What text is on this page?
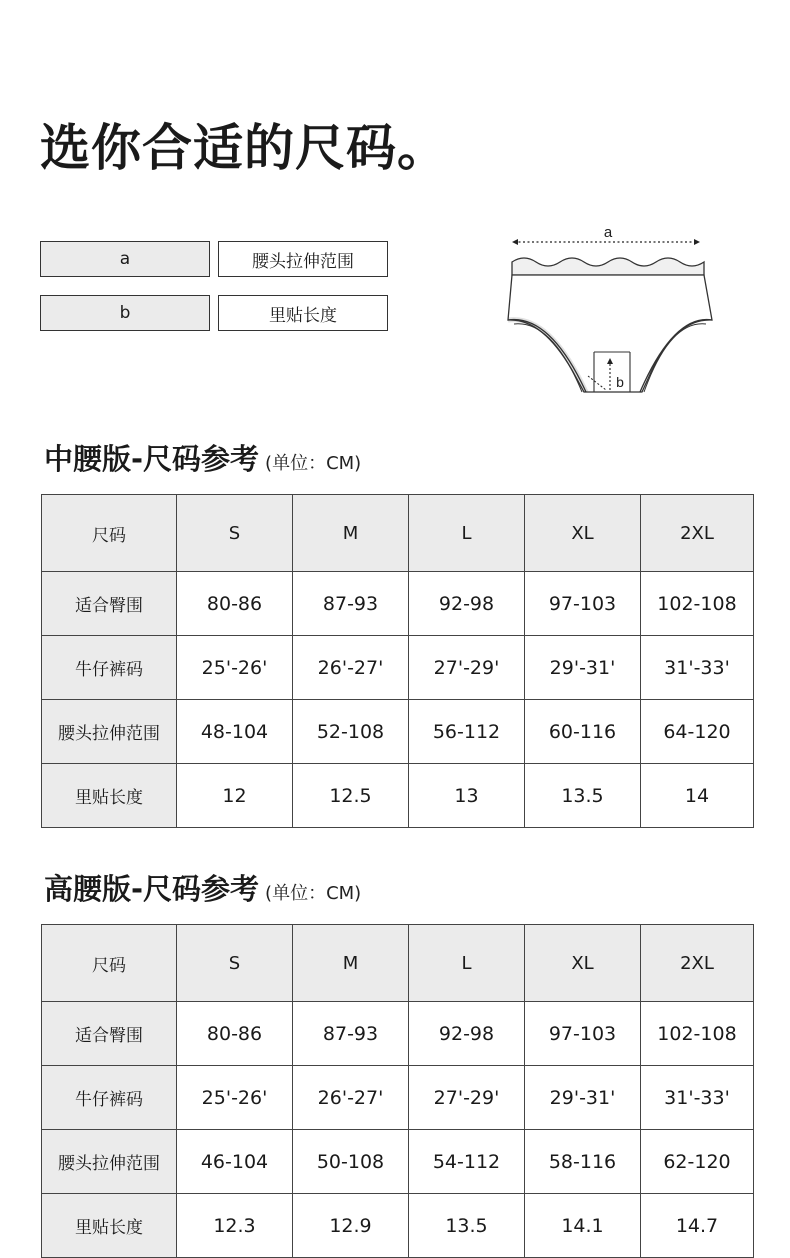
选你合适的尺码。
a	腰头拉伸范围
b	里贴长度
a
b
中腰版-尺码参考 (单位：CM)
尺码	S	M	L	XL	2XL
适合臀围	80-86	87-93	92-98	97-103	102-108
牛仔裤码	25'-26'	26'-27'	27'-29'	29'-31'	31'-33'
腰头拉伸范围	48-104	52-108	56-112	60-116	64-120
里贴长度	12	12.5	13	13.5	14
高腰版-尺码参考 (单位：CM)
尺码	S	M	L	XL	2XL
适合臀围	80-86	87-93	92-98	97-103	102-108
牛仔裤码	25'-26'	26'-27'	27'-29'	29'-31'	31'-33'
腰头拉伸范围	46-104	50-108	54-112	58-116	62-120
里贴长度	12.3	12.9	13.5	14.1	14.7
